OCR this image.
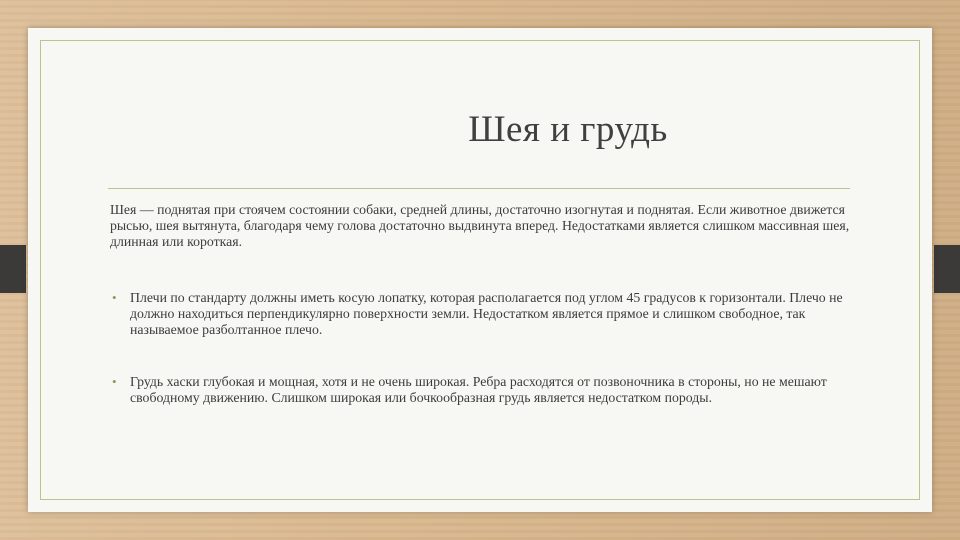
Шея и грудь
Шея — поднятая при стоячем состоянии собаки, средней длины, достаточно изогнутая и поднятая. Если животное движется рысью, шея вытянута, благодаря чему голова достаточно выдвинута вперед. Недостатками является слишком массивная шея, длинная или короткая.
• Плечи по стандарту должны иметь косую лопатку, которая располагается под углом 45 градусов к горизонтали. Плечо не должно находиться перпендикулярно поверхности земли. Недостатком является прямое и слишком свободное, так называемое разболтанное плечо.
• Грудь хаски глубокая и мощная, хотя и не очень широкая. Ребра расходятся от позвоночника в стороны, но не мешают свободному движению. Слишком широкая или бочкообразная грудь является недостатком породы.
